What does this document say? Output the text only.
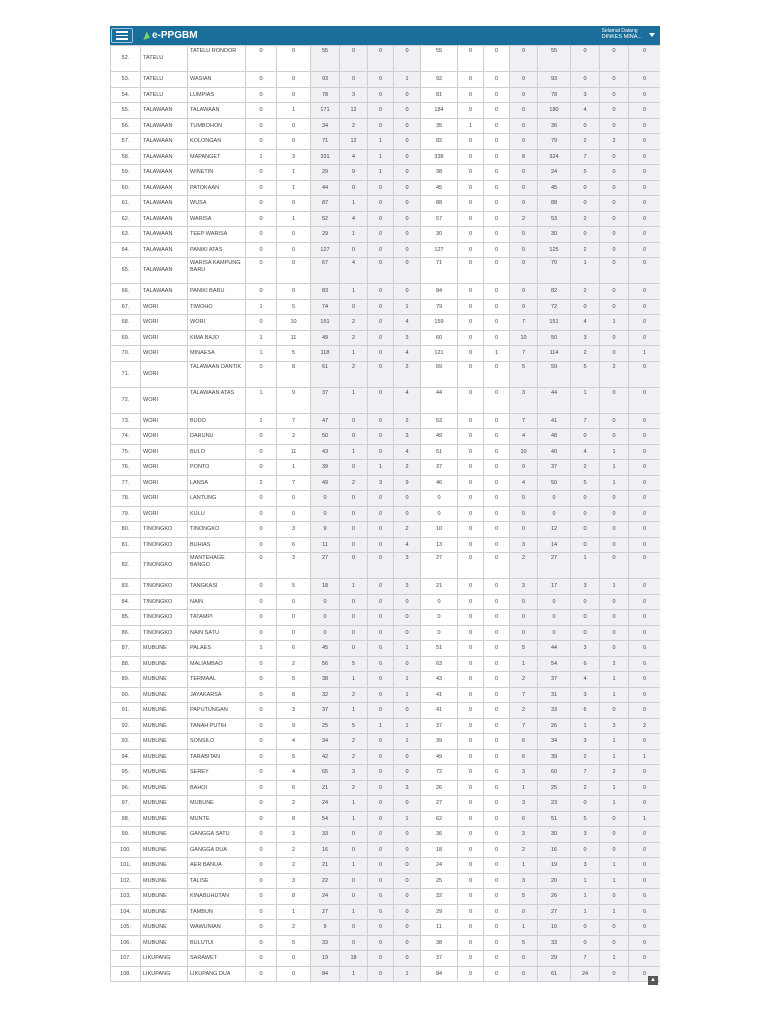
e-PPGBM	Selamat Datang
DINKES MINA...
52.	TATELU	TATELU RONDOR	0	0	55	0	0	0	55	0	0	0	55	0	0	0
53.	TATELU	WASIAN	0	0	93	0	0	1	92	0	0	0	93	0	0	0
54.	TATELU	LUMPIAS	0	0	78	3	0	0	81	0	0	0	78	3	0	0
55.	TALAWAAN	TALAWAAN	0	1	171	12	0	0	184	0	0	0	180	4	0	0
56.	TALAWAAN	TUMBOHON	0	0	34	2	0	0	35	1	0	0	36	0	0	0
57.	TALAWAAN	KOLONGAN	0	0	71	12	1	0	82	0	0	0	79	2	2	0
58.	TALAWAAN	MAPANGET	1	3	331	4	1	0	338	0	0	8	324	7	0	0
59.	TALAWAAN	WINETIN	0	1	29	9	1	0	38	0	0	0	24	5	0	0
60.	TALAWAAN	PATOKAAN	0	1	44	0	0	0	45	0	0	0	45	0	0	0
61.	TALAWAAN	WUSA	0	0	87	1	0	0	88	0	0	0	88	0	0	0
62.	TALAWAAN	WARISA	0	1	52	4	0	0	57	0	0	2	53	2	0	0
63.	TALAWAAN	TEEP WARISA	0	0	29	1	0	0	30	0	0	0	30	0	0	0
64.	TALAWAAN	PANIKI ATAS	0	0	127	0	0	0	127	0	0	0	125	2	0	0
65.	TALAWAAN	WARISA KAMPUNG BARU	0	0	67	4	0	0	71	0	0	0	70	1	0	0
66.	TALAWAAN	PANIKI BARU	0	0	83	1	0	0	84	0	0	0	82	2	0	0
67.	WORI	TIWOHO	1	5	74	0	0	1	79	0	0	0	72	0	0	0
68.	WORI	WORI	0	10	151	2	0	4	159	0	0	7	151	4	1	0
69.	WORI	KIMA BAJO	1	11	49	2	0	3	60	0	0	10	50	3	0	0
70.	WORI	MINAESA	1	5	118	1	0	4	121	0	1	7	114	2	0	1
71.	WORI	TALAWAAN DANTIK	0	8	61	2	0	2	69	0	0	5	59	5	2	0
72.	WORI	TALAWAAN ATAS	1	9	37	1	0	4	44	0	0	3	44	1	0	0
73.	WORI	BUDO	1	7	47	0	0	2	53	0	0	7	41	7	0	0
74.	WORI	DARUNU	0	2	50	0	0	3	49	0	0	4	48	0	0	0
75.	WORI	BULO	0	11	43	1	0	4	51	0	0	10	40	4	1	0
76.	WORI	PONTO	0	1	39	0	1	2	37	0	0	0	37	2	1	0
77.	WORI	LANSA	2	7	49	2	3	9	46	0	0	4	50	5	1	0
78.	WORI	LANTUNG	0	0	0	0	0	0	0	0	0	0	0	0	0	0
79.	WORI	KULU	0	0	0	0	0	0	0	0	0	0	0	0	0	0
80.	TINONGKO	TINONGKO	0	3	9	0	0	2	10	0	0	0	12	0	0	0
81.	TINONGKO	BUHIAS	0	6	11	0	0	4	13	0	0	3	14	0	0	0
82.	TINONGKO	MANTEHAGE BANGO	0	3	27	0	0	3	27	0	0	2	27	1	0	0
83.	TINONGKO	TANGKASI	0	5	18	1	0	3	21	0	0	3	17	3	1	0
84.	TINONGKO	NAIN	0	0	0	0	0	0	0	0	0	0	0	0	0	0
85.	TINONGKO	TATAMPI	0	0	0	0	0	0	0	0	0	0	0	0	0	0
86.	TINONGKO	NAIN SATU	0	0	0	0	0	0	0	0	0	0	0	0	0	0
87.	MUBUNE	PALAES	1	6	45	0	0	1	51	0	0	5	44	3	0	0
88.	MUBUNE	MALIAMBAO	0	2	56	5	0	0	63	0	0	1	54	6	2	0
89.	MUBUNE	TERMAAL	0	5	38	1	0	1	43	0	0	2	37	4	1	0
90.	MUBUNE	JAYAKARSA	0	8	32	2	0	1	41	0	0	7	31	3	1	0
91.	MUBUNE	PAPUTUNGAN	0	3	37	1	0	0	41	0	0	2	33	6	0	0
92.	MUBUNE	TANAH PUTIH	0	9	25	5	1	1	37	0	0	7	26	1	3	2
93.	MUBUNE	SONSILO	0	4	34	2	0	1	39	0	0	6	34	3	1	0
94.	MUBUNE	TARABITAN	0	5	42	2	0	0	49	0	0	6	39	2	1	1
95.	MUBUNE	SEREY	0	4	65	3	0	0	72	0	0	3	60	7	2	0
96.	MUBUNE	BAHOI	0	6	21	2	0	3	26	0	0	1	25	2	1	0
97.	MUBUNE	MUBUNE	0	2	24	1	0	0	27	0	0	3	23	0	1	0
98.	MUBUNE	MUNTE	0	8	54	1	0	1	62	0	0	6	51	5	0	1
99.	MUBUNE	GANGGA SATU	0	3	33	0	0	0	36	0	0	3	30	3	0	0
100.	MUBUNE	GANGGA DUA	0	2	16	0	0	0	18	0	0	2	16	0	0	0
101.	MUBUNE	AER BANUA	0	2	21	1	0	0	24	0	0	1	19	3	1	0
102.	MUBUNE	TALISE	0	3	22	0	0	0	25	0	0	3	20	1	1	0
103.	MUBUNE	KINABUHUTAN	0	8	24	0	0	0	32	0	0	5	26	1	0	0
104.	MUBUNE	TAMBUN	0	1	27	1	0	0	29	0	0	0	27	1	1	0
105.	MUBUNE	WAWUNIAN	0	2	9	0	0	0	11	0	0	1	10	0	0	0
106.	MUBUNE	BULUTUI	0	5	33	0	0	0	38	0	0	5	33	0	0	0
107.	LIKUPANG	SARAWET	0	0	19	18	0	0	37	0	0	0	29	7	1	0
108.	LIKUPANG	LIKUPANG DUA	0	0	84	1	0	1	84	0	0	0	61	24	0	0
▲
